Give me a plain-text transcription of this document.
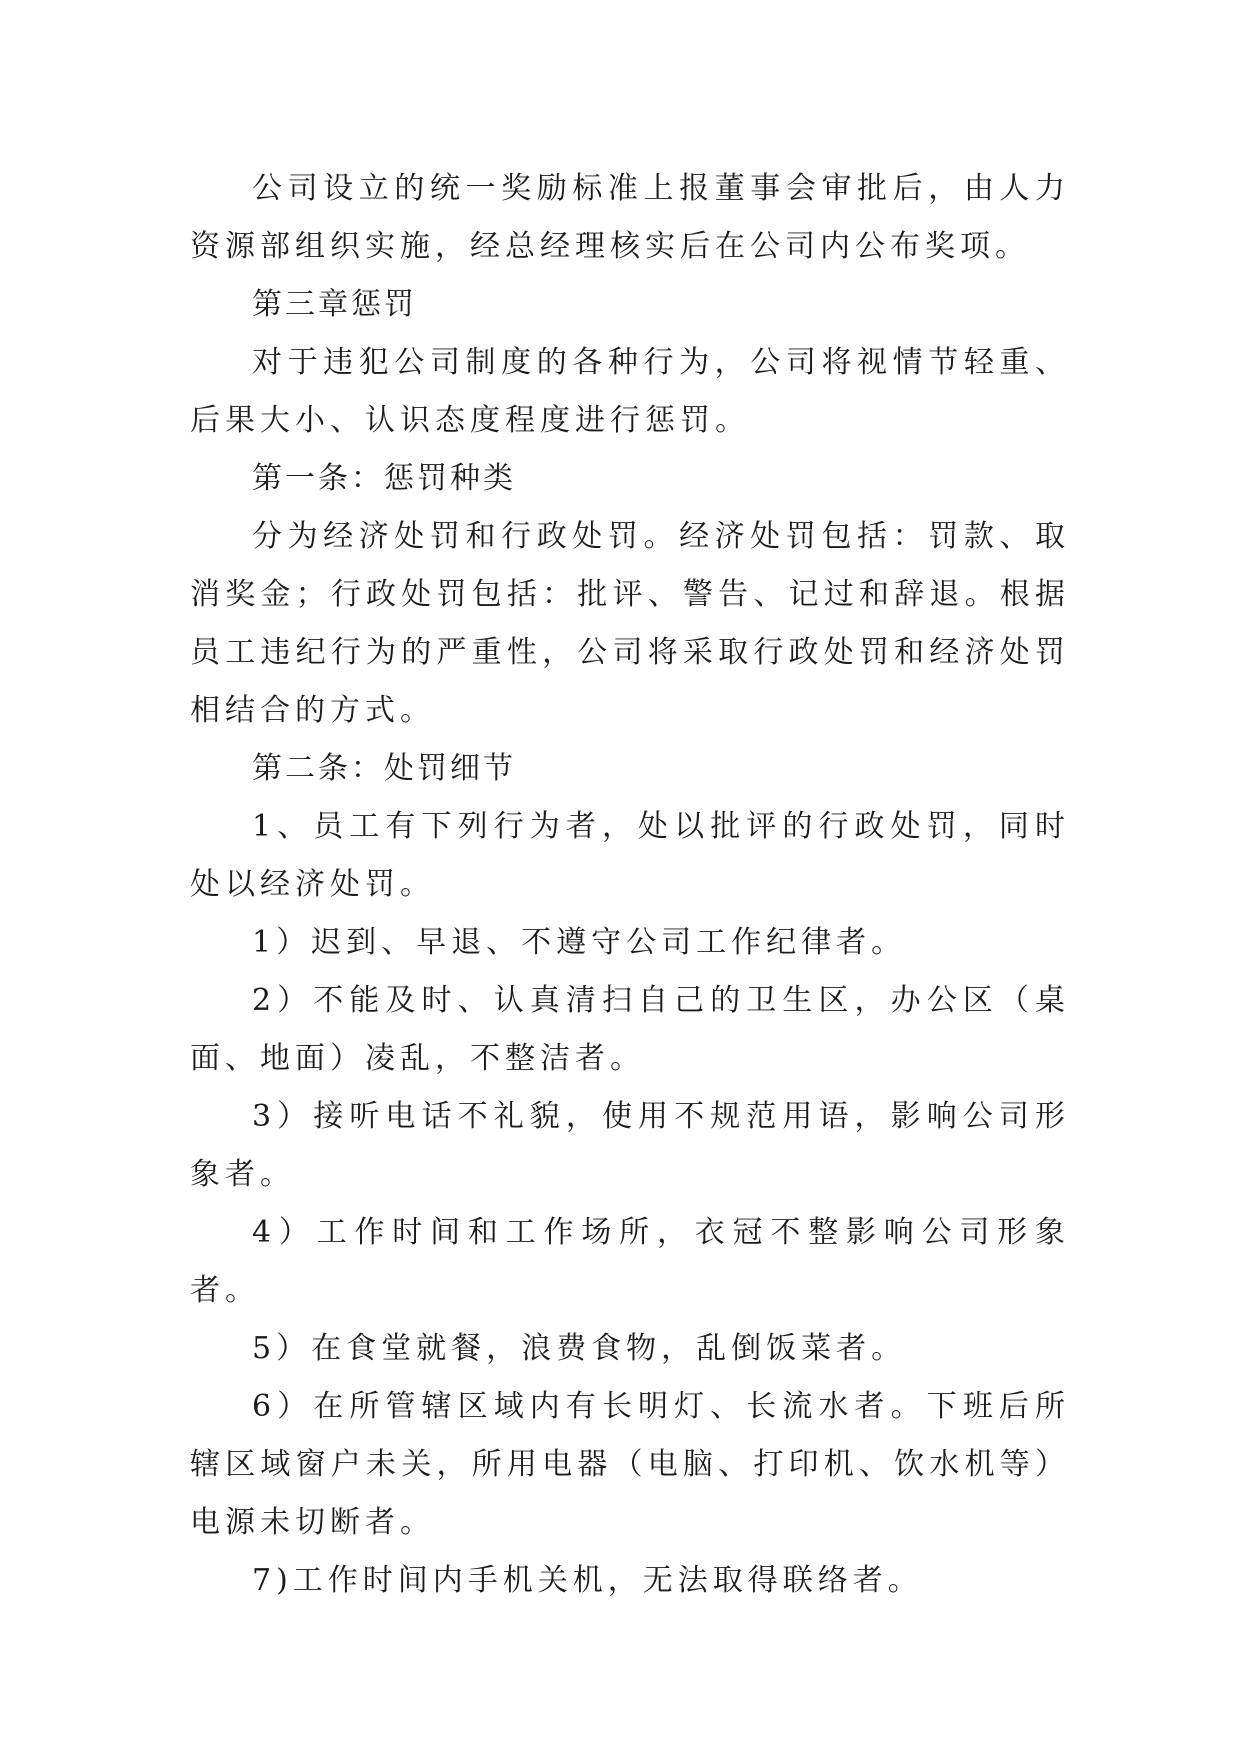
公司设立的统一奖励标准上报董事会审批后，由人力资源部组织实施，经总经理核实后在公司内公布奖项。

第三章惩罚

对于违犯公司制度的各种行为，公司将视情节轻重、后果大小、认识态度程度进行惩罚。

第一条：惩罚种类

分为经济处罚和行政处罚。经济处罚包括：罚款、取消奖金；行政处罚包括：批评、警告、记过和辞退。根据员工违纪行为的严重性，公司将采取行政处罚和经济处罚相结合的方式。

第二条：处罚细节

1、员工有下列行为者，处以批评的行政处罚，同时处以经济处罚。

1）迟到、早退、不遵守公司工作纪律者。

2）不能及时、认真清扫自己的卫生区，办公区（桌面、地面）凌乱，不整洁者。

3）接听电话不礼貌，使用不规范用语，影响公司形象者。

4）工作时间和工作场所，衣冠不整影响公司形象者。

5）在食堂就餐，浪费食物，乱倒饭菜者。

6）在所管辖区域内有长明灯、长流水者。下班后所辖区域窗户未关，所用电器（电脑、打印机、饮水机等）电源未切断者。

7)工作时间内手机关机，无法取得联络者。
